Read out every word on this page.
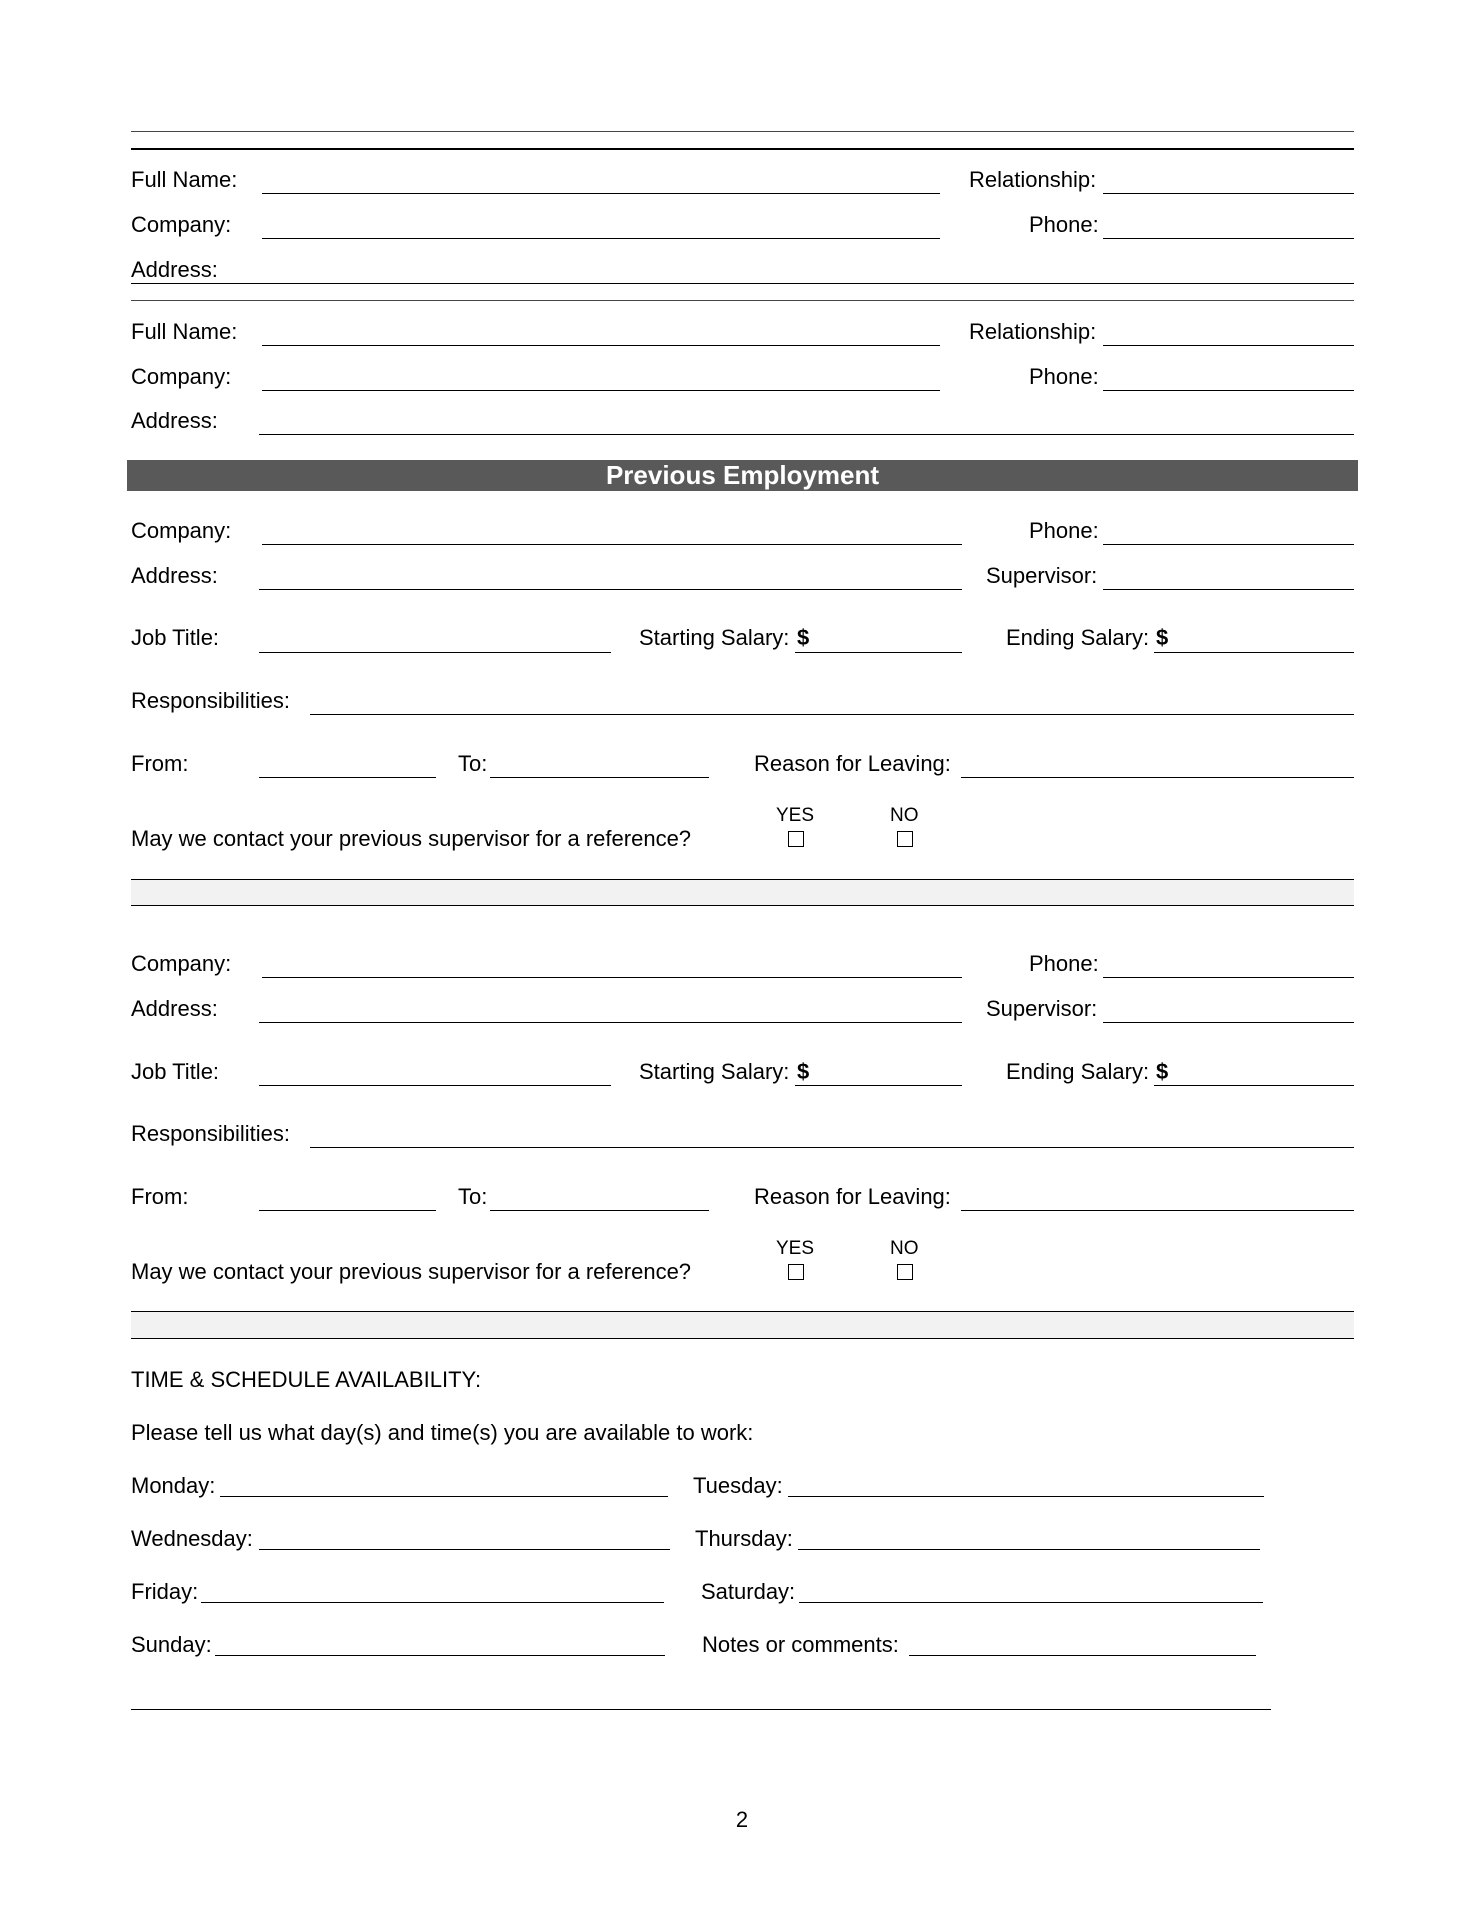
Full Name:	Relationship:
Company:	Phone:
Address:
Full Name:	Relationship:
Company:	Phone:
Address:
Previous Employment
Company:	Phone:
Address:	Supervisor:
Job Title:	Starting Salary: $	Ending Salary: $
Responsibilities:
From:	To:	Reason for Leaving:
May we contact your previous supervisor for a reference?
YES	NO
Company:	Phone:
Address:	Supervisor:
Job Title:	Starting Salary: $	Ending Salary: $
Responsibilities:
From:	To:	Reason for Leaving:
May we contact your previous supervisor for a reference?
YES	NO
TIME & SCHEDULE AVAILABILITY:
Please tell us what day(s) and time(s) you are available to work:
Monday:	Tuesday:
Wednesday:	Thursday:
Friday:	Saturday:
Sunday:	Notes or comments:
2
